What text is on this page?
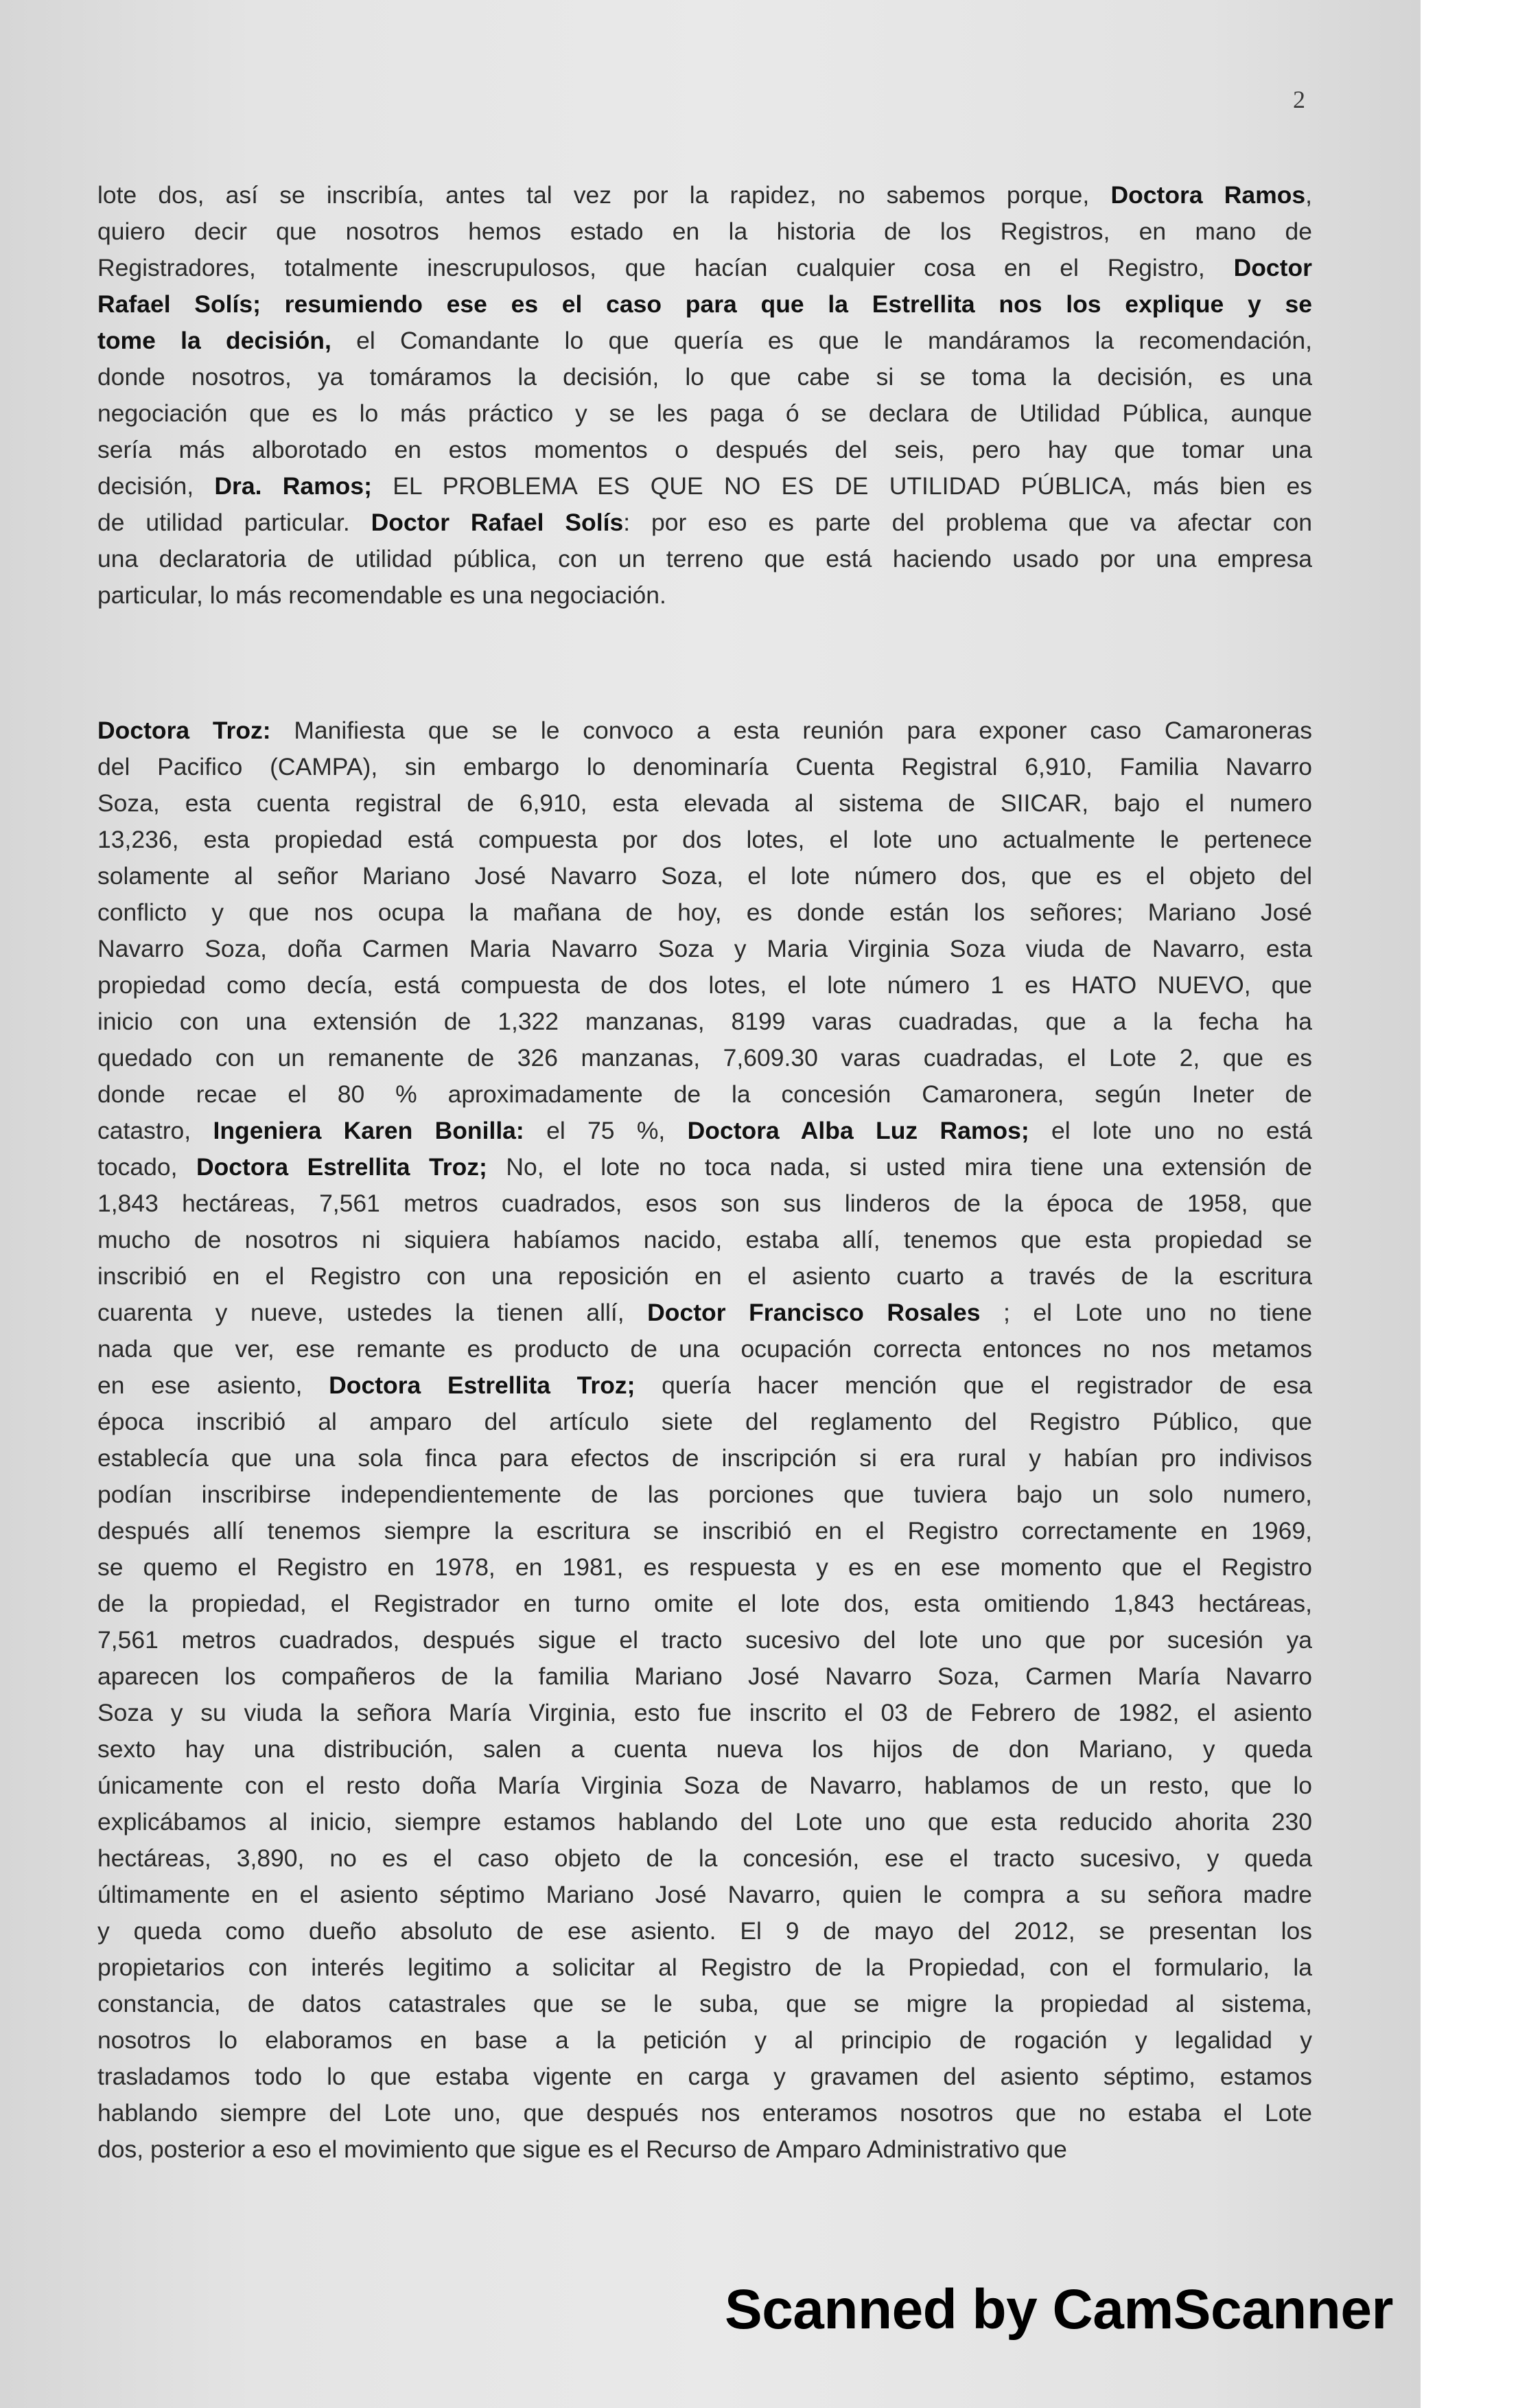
2
lote dos, así se inscribía, antes tal vez por la rapidez, no sabemos porque, Doctora Ramos,
quiero decir que nosotros hemos estado en la historia de los Registros, en mano de
Registradores, totalmente inescrupulosos, que hacían cualquier cosa en el Registro, Doctor
Rafael Solís; resumiendo ese es el caso para que la Estrellita nos los explique y se
tome la decisión, el Comandante lo que quería es que le mandáramos la recomendación,
donde nosotros, ya tomáramos la decisión, lo que cabe si se toma la decisión, es una
negociación que es lo más práctico y se les paga ó se declara de Utilidad Pública, aunque
sería más alborotado en estos momentos o después del seis, pero hay que tomar una
decisión, Dra. Ramos; EL PROBLEMA ES QUE NO ES DE UTILIDAD PÚBLICA, más bien es
de utilidad particular. Doctor Rafael Solís: por eso es parte del problema que va afectar con
una declaratoria de utilidad pública, con un terreno que está haciendo usado por una empresa
particular, lo más recomendable es una negociación.
Doctora Troz: Manifiesta que se le convoco a esta reunión para exponer caso Camaroneras
del Pacifico (CAMPA), sin embargo lo denominaría Cuenta Registral 6,910, Familia Navarro
Soza, esta cuenta registral de 6,910, esta elevada al sistema de SIICAR, bajo el numero
13,236, esta propiedad está compuesta por dos lotes, el lote uno actualmente le pertenece
solamente al señor Mariano José Navarro Soza, el lote número dos, que es el objeto del
conflicto y que nos ocupa la mañana de hoy, es donde están los señores; Mariano José
Navarro Soza, doña Carmen Maria Navarro Soza y Maria Virginia Soza viuda de Navarro, esta
propiedad como decía, está compuesta de dos lotes, el lote número 1 es HATO NUEVO, que
inicio con una extensión de 1,322 manzanas, 8199 varas cuadradas, que a la fecha ha
quedado con un remanente de 326 manzanas, 7,609.30 varas cuadradas, el Lote 2, que es
donde recae el 80 % aproximadamente de la concesión Camaronera, según Ineter de
catastro, Ingeniera Karen Bonilla: el 75 %, Doctora Alba Luz Ramos; el lote uno no está
tocado, Doctora Estrellita Troz; No, el lote no toca nada, si usted mira tiene una extensión de
1,843 hectáreas, 7,561 metros cuadrados, esos son sus linderos de la época de 1958, que
mucho de nosotros ni siquiera habíamos nacido, estaba allí, tenemos que esta propiedad se
inscribió en el Registro con una reposición en el asiento cuarto a través de la escritura
cuarenta y nueve, ustedes la tienen allí, Doctor Francisco Rosales ; el Lote uno no tiene
nada que ver, ese remante es producto de una ocupación correcta entonces no nos metamos
en ese asiento, Doctora Estrellita Troz; quería hacer mención que el registrador de esa
época inscribió al amparo del artículo siete del reglamento del Registro Público, que
establecía que una sola finca para efectos de inscripción si era rural y habían pro indivisos
podían inscribirse independientemente de las porciones que tuviera bajo un solo numero,
después allí tenemos siempre la escritura se inscribió en el Registro correctamente en 1969,
se quemo el Registro en 1978, en 1981, es respuesta y es en ese momento que el Registro
de la propiedad, el Registrador en turno omite el lote dos, esta omitiendo 1,843 hectáreas,
7,561 metros cuadrados, después sigue el tracto sucesivo del lote uno que por sucesión ya
aparecen los compañeros de la familia Mariano José Navarro Soza, Carmen María Navarro
Soza y su viuda la señora María Virginia, esto fue inscrito el 03 de Febrero de 1982, el asiento
sexto hay una distribución, salen a cuenta nueva los hijos de don Mariano, y queda
únicamente con el resto doña María Virginia Soza de Navarro, hablamos de un resto, que lo
explicábamos al inicio, siempre estamos hablando del Lote uno que esta reducido ahorita 230
hectáreas, 3,890, no es el caso objeto de la concesión, ese el tracto sucesivo, y queda
últimamente en el asiento séptimo Mariano José Navarro, quien le compra a su señora madre
y queda como dueño absoluto de ese asiento. El 9 de mayo del 2012, se presentan los
propietarios con interés legitimo a solicitar al Registro de la Propiedad, con el formulario, la
constancia, de datos catastrales que se le suba, que se migre la propiedad al sistema,
nosotros lo elaboramos en base a la petición y al principio de rogación y legalidad y
trasladamos todo lo que estaba vigente en carga y gravamen del asiento séptimo, estamos
hablando siempre del Lote uno, que después nos enteramos nosotros que no estaba el Lote
dos, posterior a eso el movimiento que sigue es el Recurso de Amparo Administrativo que
Scanned by CamScanner
